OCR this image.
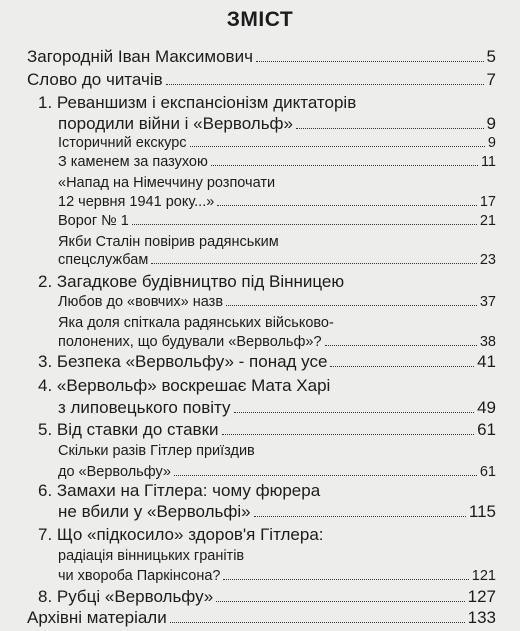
ЗМІСТ
Загородній Іван Максимович	5
Слово до читачів	7
1. Реваншизм і експансіонізм диктаторів
породили війни і «Вервольф»	9
Історичний екскурс	9
З каменем за пазухою	11
«Напад на Німеччину розпочати
12 червня 1941 року...»	17
Ворог № 1	21
Якби Сталін повірив радянським
спецслужбам	23
2. Загадкове будівництво під Вінницею
Любов до «вовчих» назв	37
Яка доля спіткала радянських військово-
полонених, що будували «Вервольф»?	38
3. Безпека «Вервольфу» - понад усе	41
4. «Вервольф» воскрешає Мата Харі
з липовецького повіту	49
5. Від ставки до ставки	61
Скільки разів Гітлер приїздив
до «Вервольфу»	61
6. Замахи на Гітлера: чому фюрера
не вбили у «Вервольфі»	115
7. Що «підкосило» здоров'я Гітлера:
радіація вінницьких гранітів
чи хвороба Паркінсона?	121
8. Рубці «Вервольфу»	127
Архівні матеріали	133
